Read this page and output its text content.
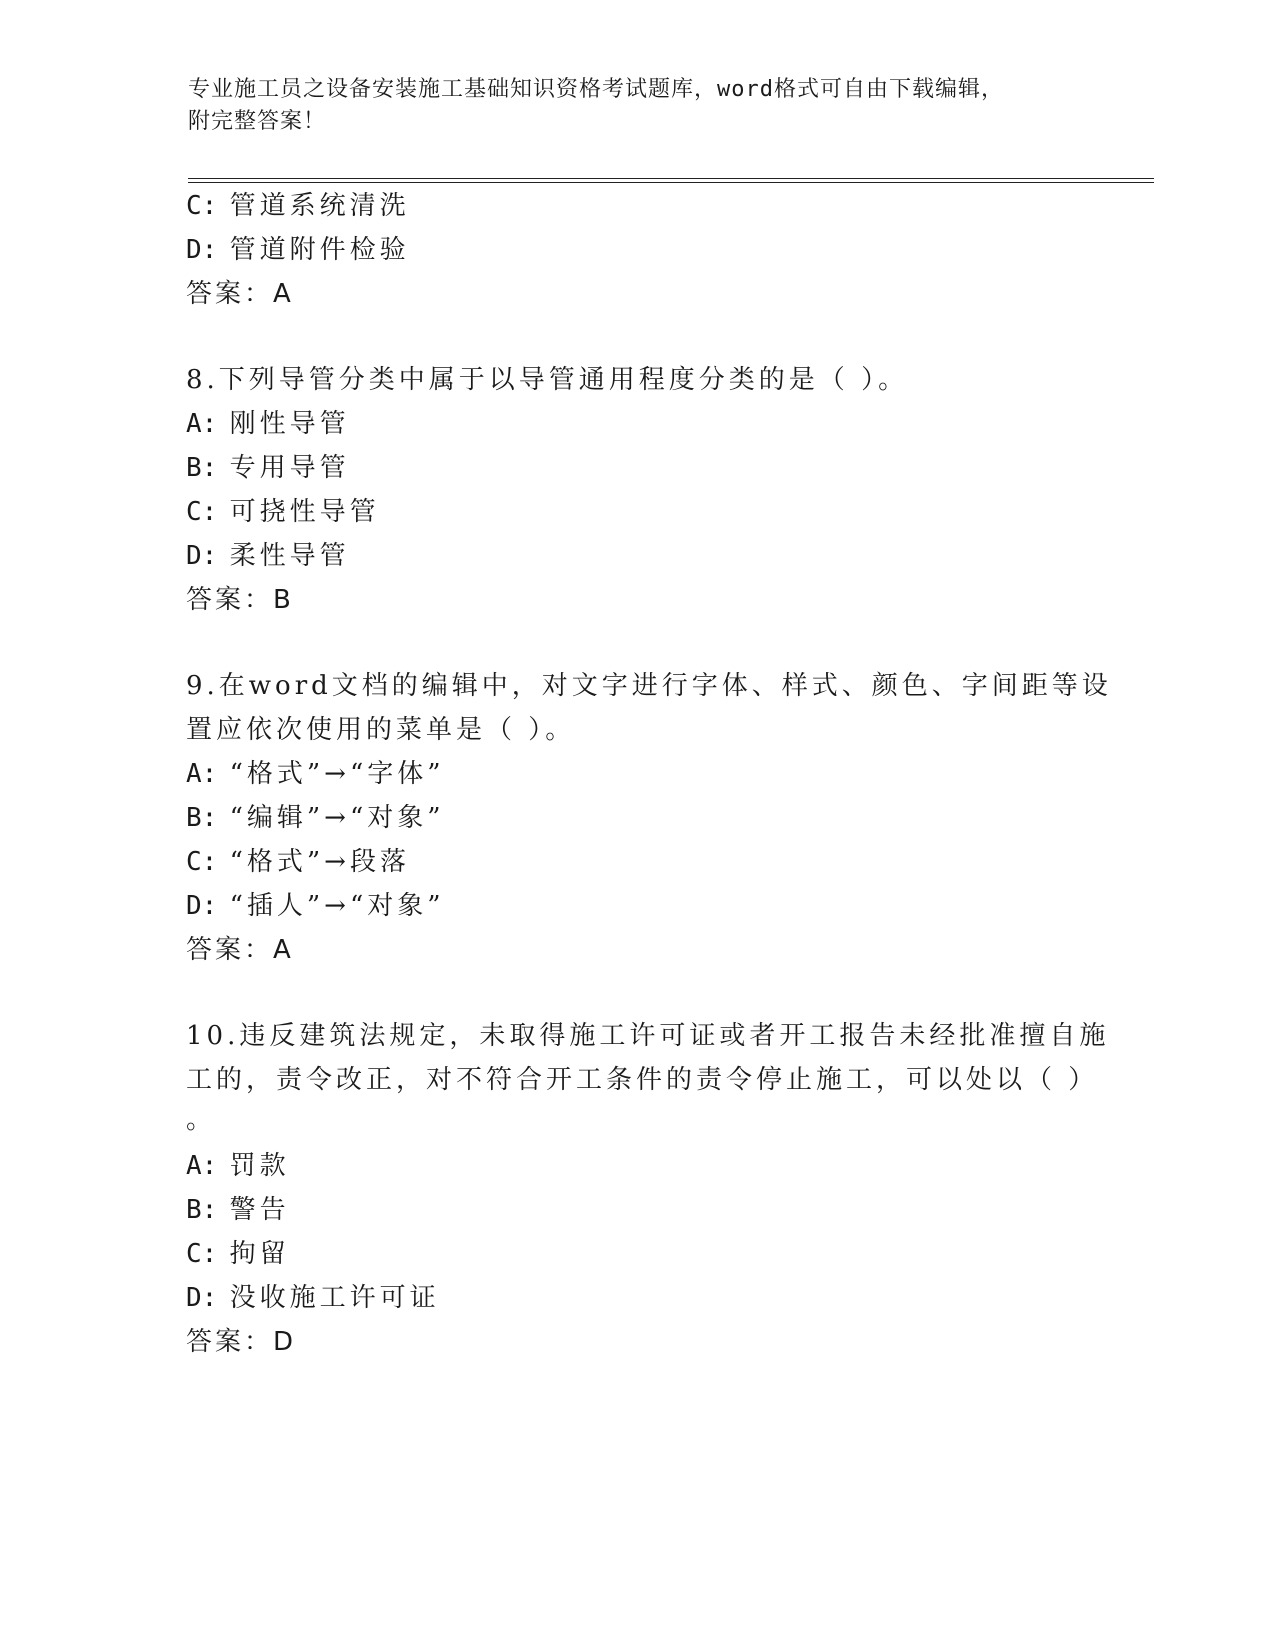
专业施工员之设备安装施工基础知识资格考试题库，word格式可自由下载编辑，
附完整答案！
C: 管道系统清洗
D: 管道附件检验
答案：A
8.下列导管分类中属于以导管通用程度分类的是（ ）。
A: 刚性导管
B: 专用导管
C: 可挠性导管
D: 柔性导管
答案：B
9.在word文档的编辑中，对文字进行字体、样式、颜色、字间距等设
置应依次使用的菜单是（ ）。
A: “格式”→“字体”
B: “编辑”→“对象”
C: “格式”→段落
D: “插人”→“对象”
答案：A
10.违反建筑法规定，未取得施工许可证或者开工报告未经批准擅自施
工的，责令改正，对不符合开工条件的责令停止施工，可以处以（ ）
。
A: 罚款
B: 警告
C: 拘留
D: 没收施工许可证
答案：D
